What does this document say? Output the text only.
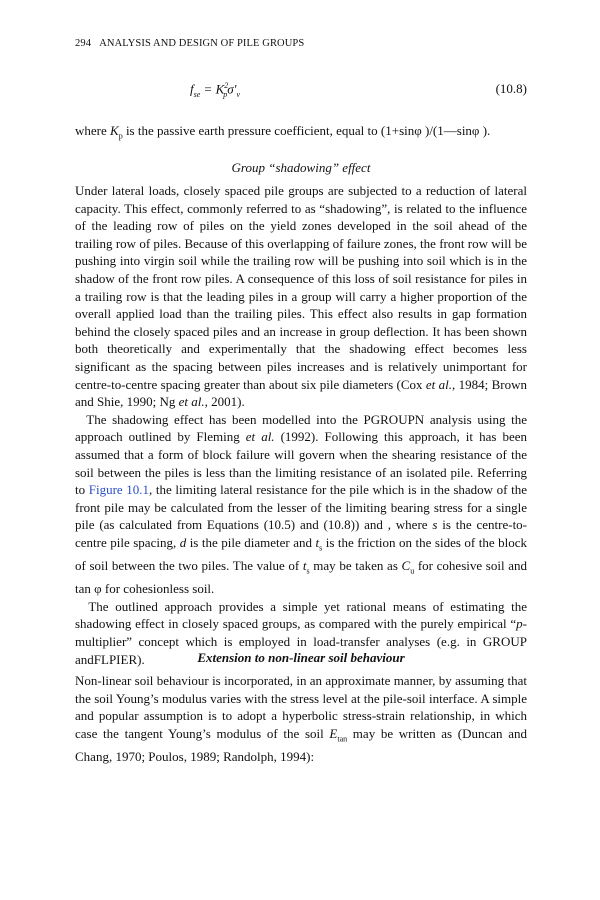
294 ANALYSIS AND DESIGN OF PILE GROUPS
$f_{se} = K^2_p\sigma'_v$	(10.8)

where $K_p$ is the passive earth pressure coefficient, equal to (1+sinφ )/(1—sinφ ).

Group “shadowing” effect

Under lateral loads, closely spaced pile groups are subjected to a reduction of lateral capacity. This effect, commonly referred to as “shadowing”, is related to the influence of the leading row of piles on the yield zones developed in the soil ahead of the trailing row of piles. Because of this overlapping of failure zones, the front row will be pushing into virgin soil while the trailing row will be pushing into soil which is in the shadow of the front row piles. A consequence of this loss of soil resistance for piles in a trailing row is that the leading piles in a group will carry a higher proportion of the overall applied load than the trailing piles. This effect also results in gap formation behind the closely spaced piles and an increase in group deflection. It has been shown both theoretically and experimentally that the shadowing effect becomes less significant as the spacing between piles increases and is relatively unimportant for centre-to-centre spacing greater than about six pile diameters (Cox et al., 1984; Brown and Shie, 1990; Ng et al., 2001).

The shadowing effect has been modelled into the PGROUPN analysis using the approach outlined by Fleming et al. (1992). Following this approach, it has been assumed that a form of block failure will govern when the shearing resistance of the soil between the piles is less than the limiting resistance of an isolated pile. Referring to Figure 10.1, the limiting lateral resistance for the pile which is in the shadow of the front pile may be calculated from the lesser of the limiting bearing stress for a single pile (as calculated from Equations (10.5) and (10.8)) and , where s is the centre-to-centre pile spacing, d is the pile diameter and $t_s$ is the friction on the sides of the block of soil between the two piles. The value of $t_s$ may be taken as $C_u$ for cohesive soil and tan φ for cohesionless soil.

The outlined approach provides a simple yet rational means of estimating the shadowing effect in closely spaced groups, as compared with the purely empirical “p-multiplier” concept which is employed in load-transfer analyses (e.g. in GROUP andFLPIER).	Extension to non-linear soil behaviour

Non-linear soil behaviour is incorporated, in an approximate manner, by assuming that the soil Young’s modulus varies with the stress level at the pile-soil interface. A simple and popular assumption is to adopt a hyperbolic stress-strain relationship, in which case the tangent Young’s modulus of the soil $E_{tan}$ may be written as (Duncan and Chang, 1970; Poulos, 1989; Randolph, 1994):
